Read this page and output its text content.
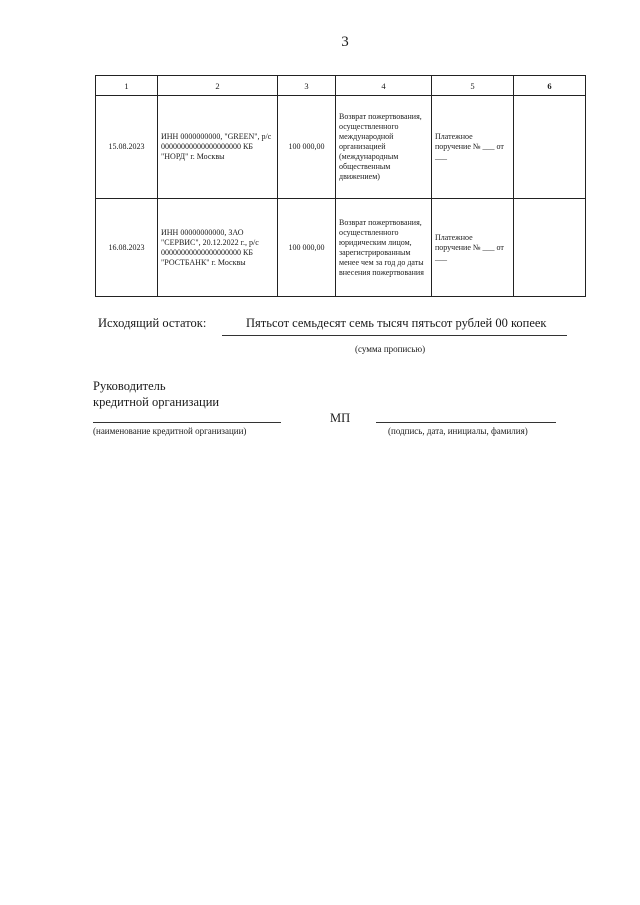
3
1	2	3	4	5	6
15.08.2023	ИНН 0000000000, "GREEN", р/с 00000000000000000000 КБ "НОРД" г. Москвы	100 000,00	Возврат пожертвования, осуществленного международной организацией (международным общественным движением)	Платежное поручение № ___ от ___	
16.08.2023	ИНН 00000000000, ЗАО "СЕРВИС", 20.12.2022 г., р/с 00000000000000000000 КБ "РОСТБАНК" г. Москвы	100 000,00	Возврат пожертвования, осуществленного юридическим лицом, зарегистрированным менее чем за год до даты внесения пожертвования	Платежное поручение № ___ от ___	
Исходящий остаток:	Пятьсот семьдесят семь тысяч пятьсот рублей 00 копеек
(сумма прописью)
Руководитель
кредитной организации
МП
(наименование кредитной организации)	(подпись, дата, инициалы, фамилия)
